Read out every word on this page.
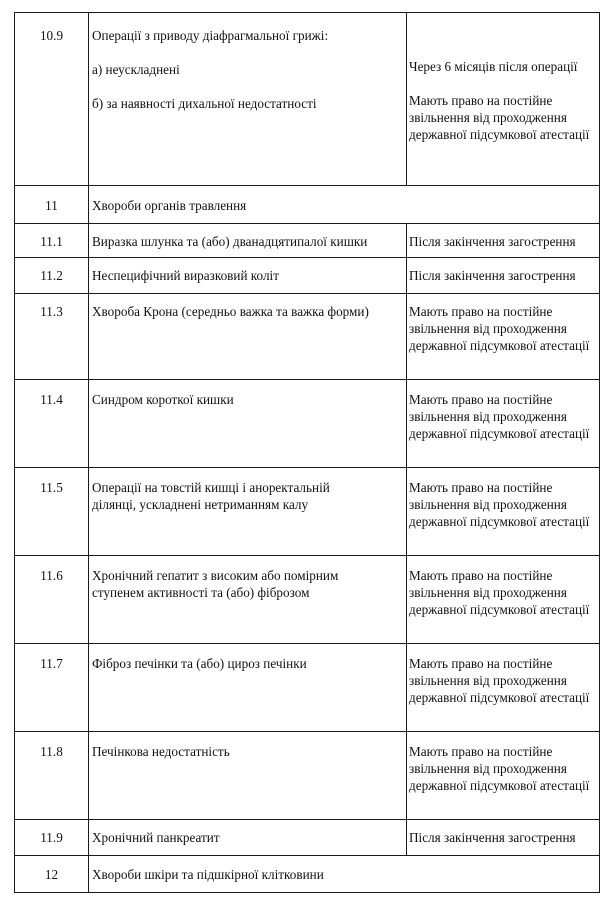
10.9	Операції з приводу діафрагмальної грижі:
а) неускладнені
б) за наявності дихальної недостатності	Через 6 місяців після операції
Мають право на постійне звільнення від проходження державної підсумкової атестації

11	Хвороби органів травлення	
11.1	Виразка шлунка та (або) дванадцятипалої кишки	Після закінчення загострення
11.2	Неспецифічний виразковий коліт	Після закінчення загострення
11.3	Хвороба Крона (середньо важка та важка форми)	Мають право на постійне звільнення від проходження державної підсумкової атестації
11.4	Синдром короткої кишки	Мають право на постійне звільнення від проходження державної підсумкової атестації
11.5	Операції на товстій кишці і аноректальній ділянці, ускладнені нетриманням калу	Мають право на постійне звільнення від проходження державної підсумкової атестації
11.6	Хронічний гепатит з високим або помірним ступенем активності та (або) фіброзом	Мають право на постійне звільнення від проходження державної підсумкової атестації
11.7	Фіброз печінки та (або) цироз печінки	Мають право на постійне звільнення від проходження державної підсумкової атестації
11.8	Печінкова недостатність	Мають право на постійне звільнення від проходження державної підсумкової атестації
11.9	Хронічний панкреатит	Після закінчення загострення
12	Хвороби шкіри та підшкірної клітковини	
